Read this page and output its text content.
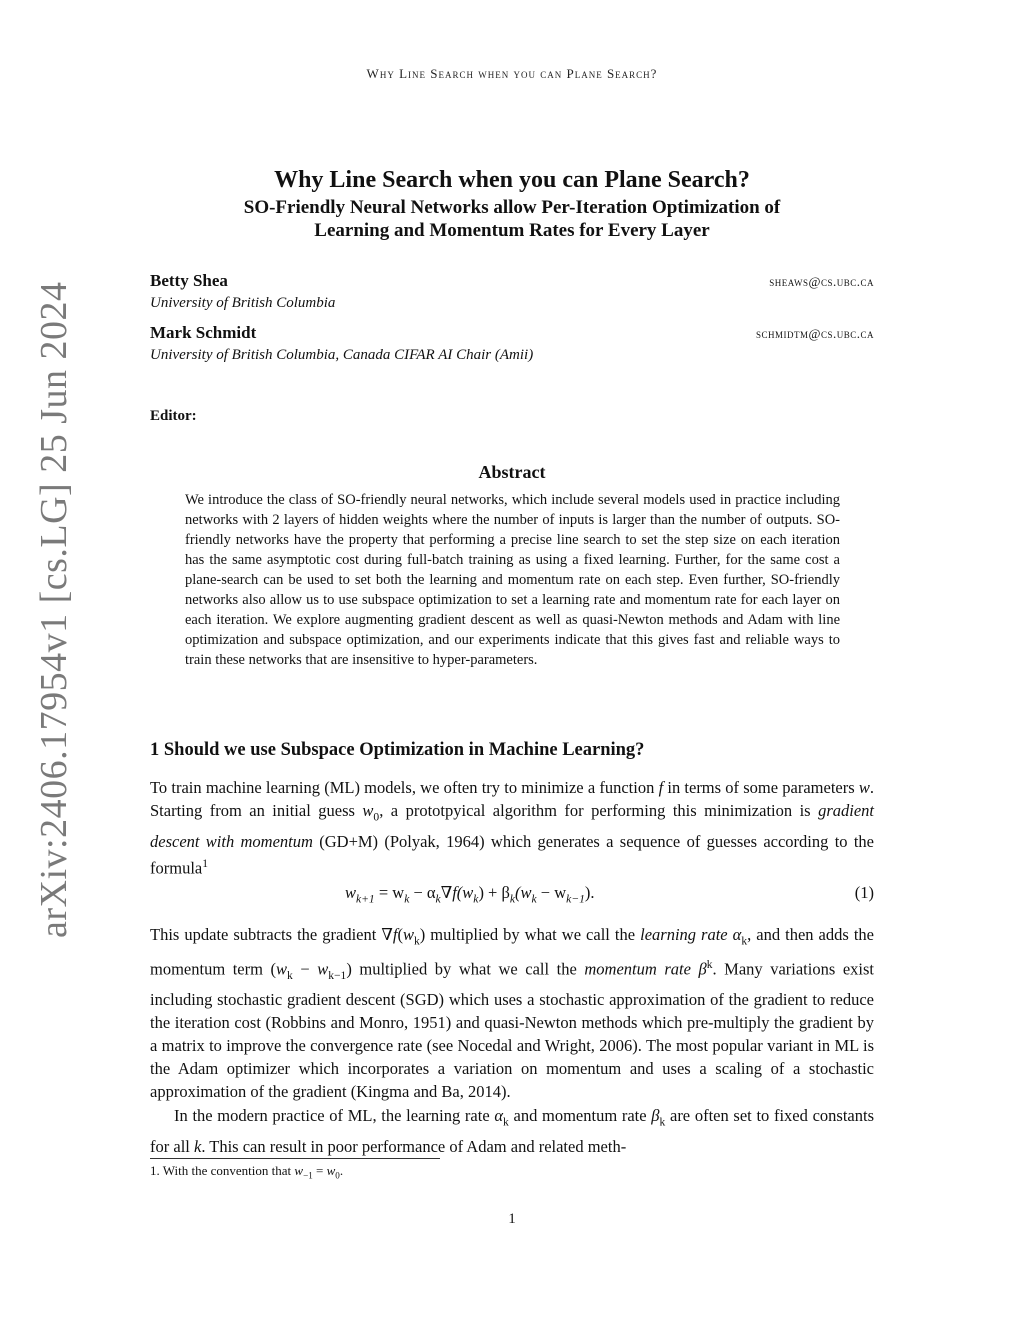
Why Line Search when you can Plane Search?
arXiv:2406.17954v1 [cs.LG] 25 Jun 2024
Why Line Search when you can Plane Search?
SO-Friendly Neural Networks allow Per-Iteration Optimization of
Learning and Momentum Rates for Every Layer
Betty Shea	sheaws@cs.ubc.ca
University of British Columbia
Mark Schmidt	schmidtm@cs.ubc.ca
University of British Columbia, Canada CIFAR AI Chair (Amii)
Editor:
Abstract
We introduce the class of SO-friendly neural networks, which include several models used in practice including networks with 2 layers of hidden weights where the number of inputs is larger than the number of outputs. SO-friendly networks have the property that performing a precise line search to set the step size on each iteration has the same asymptotic cost during full-batch training as using a fixed learning. Further, for the same cost a plane-search can be used to set both the learning and momentum rate on each step. Even further, SO-friendly networks also allow us to use subspace optimization to set a learning rate and momentum rate for each layer on each iteration. We explore augmenting gradient descent as well as quasi-Newton methods and Adam with line optimization and subspace optimization, and our experiments indicate that this gives fast and reliable ways to train these networks that are insensitive to hyper-parameters.
1 Should we use Subspace Optimization in Machine Learning?
To train machine learning (ML) models, we often try to minimize a function f in terms of some parameters w. Starting from an initial guess $w_0$, a prototpyical algorithm for performing this minimization is gradient descent with momentum (GD+M) (Polyak, 1964) which generates a sequence of guesses according to the formula$^1$
$w_{k+1} = w_k - \alpha_k\nabla f(w_k) + \beta_k(w_k - w_{k-1})$.	(1)
This update subtracts the gradient $\nabla f(w_k)$ multiplied by what we call the learning rate $\alpha_k$, and then adds the momentum term $(w_k - w_{k-1})$ multiplied by what we call the momentum rate $\beta^k$. Many variations exist including stochastic gradient descent (SGD) which uses a stochastic approximation of the gradient to reduce the iteration cost (Robbins and Monro, 1951) and quasi-Newton methods which pre-multiply the gradient by a matrix to improve the convergence rate (see Nocedal and Wright, 2006). The most popular variant in ML is the Adam optimizer which incorporates a variation on momentum and uses a scaling of a stochastic approximation of the gradient (Kingma and Ba, 2014).
In the modern practice of ML, the learning rate $\alpha_k$ and momentum rate $\beta_k$ are often set to fixed constants for all k. This can result in poor performance of Adam and related meth-
1. With the convention that $w_{-1} = w_0$.
1
